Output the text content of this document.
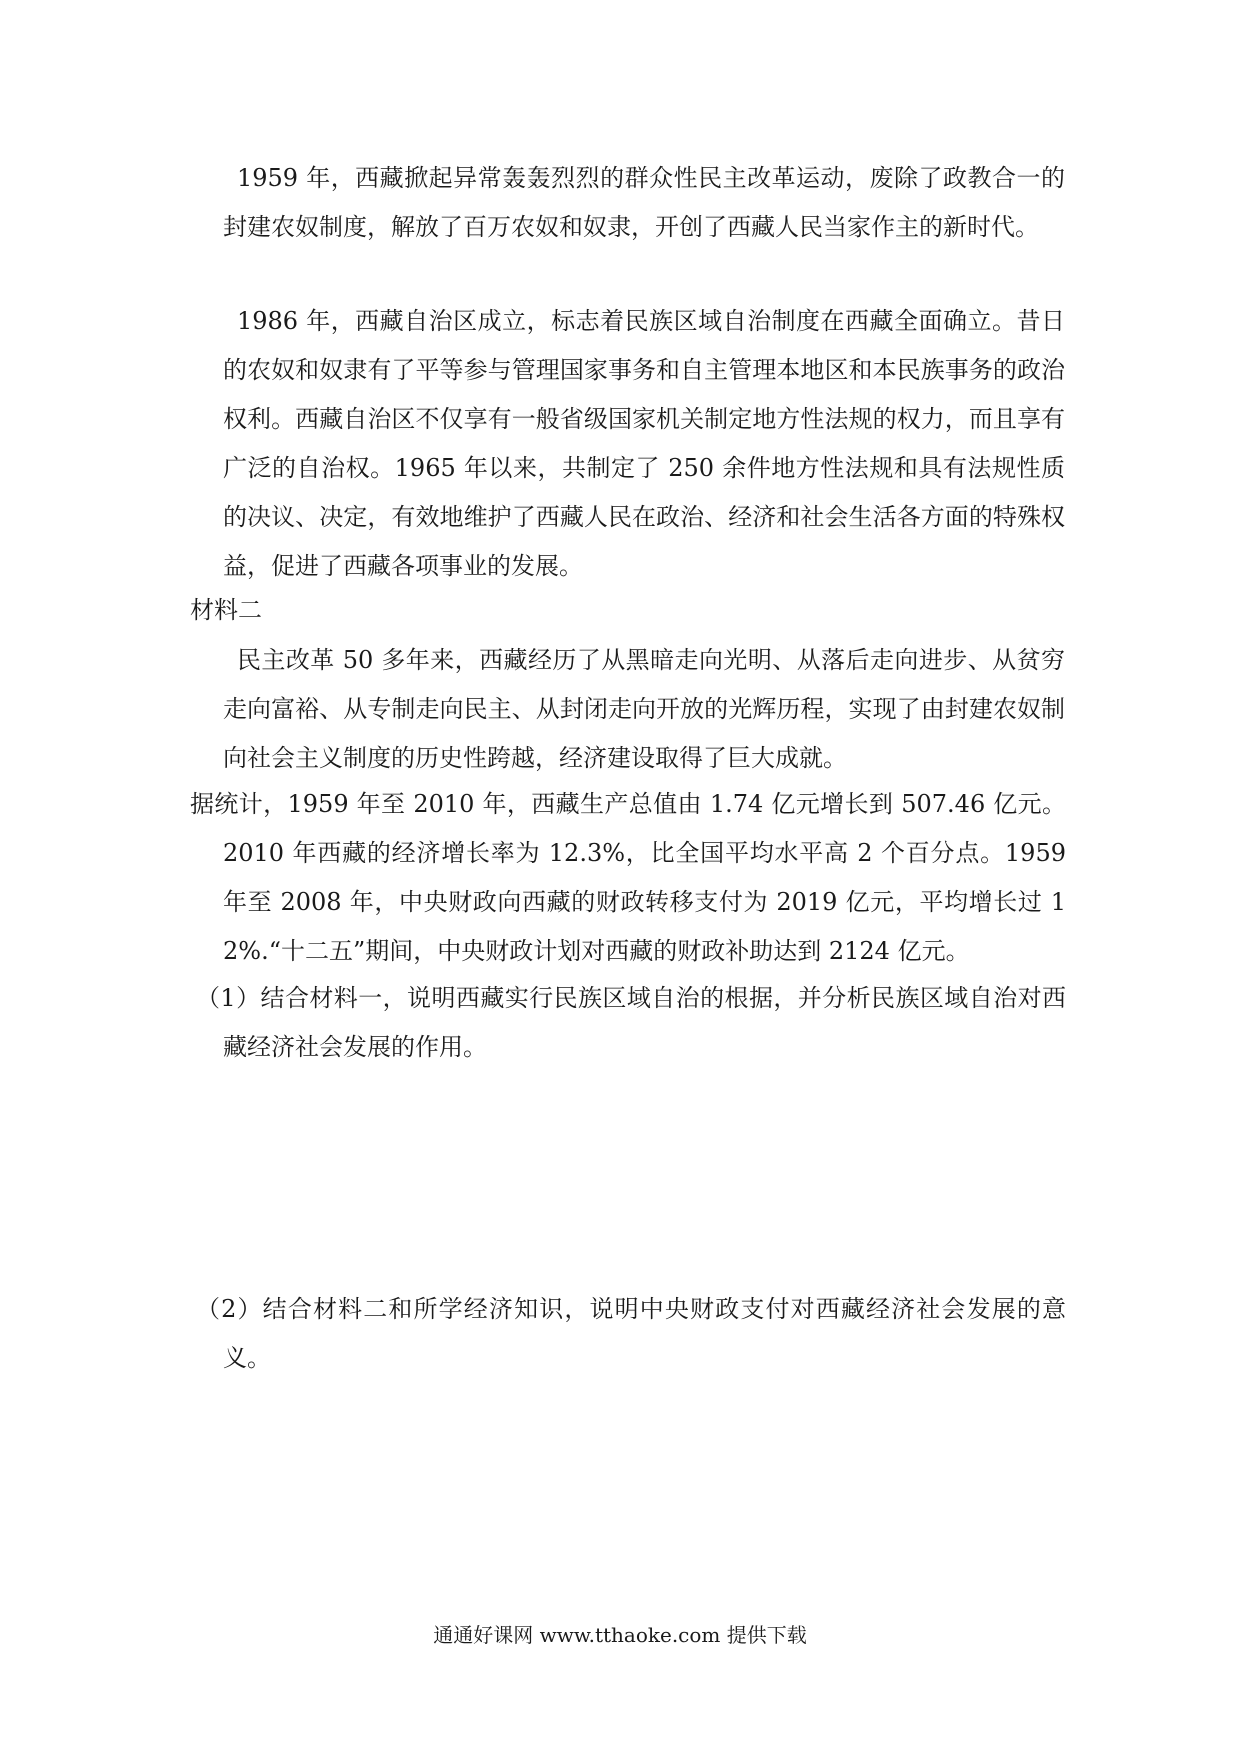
1959 年，西藏掀起异常轰轰烈烈的群众性民主改革运动，废除了政教合一的封建农奴制度，解放了百万农奴和奴隶，开创了西藏人民当家作主的新时代。

1986 年，西藏自治区成立，标志着民族区域自治制度在西藏全面确立。昔日的农奴和奴隶有了平等参与管理国家事务和自主管理本地区和本民族事务的政治权利。西藏自治区不仅享有一般省级国家机关制定地方性法规的权力，而且享有广泛的自治权。1965 年以来，共制定了 250 余件地方性法规和具有法规性质的决议、决定，有效地维护了西藏人民在政治、经济和社会生活各方面的特殊权益，促进了西藏各项事业的发展。

材料二

民主改革 50 多年来，西藏经历了从黑暗走向光明、从落后走向进步、从贫穷走向富裕、从专制走向民主、从封闭走向开放的光辉历程，实现了由封建农奴制向社会主义制度的历史性跨越，经济建设取得了巨大成就。

据统计，1959 年至 2010 年，西藏生产总值由 1.74 亿元增长到 507.46 亿元。2010 年西藏的经济增长率为 12.3%，比全国平均水平高 2 个百分点。1959 年至 2008 年，中央财政向西藏的财政转移支付为 2019 亿元，平均增长过 12%.“十二五”期间，中央财政计划对西藏的财政补助达到 2124 亿元。

（1）结合材料一，说明西藏实行民族区域自治的根据，并分析民族区域自治对西藏经济社会发展的作用。

（2）结合材料二和所学经济知识，说明中央财政支付对西藏经济社会发展的意义。

通通好课网 www.tthaoke.com 提供下载
